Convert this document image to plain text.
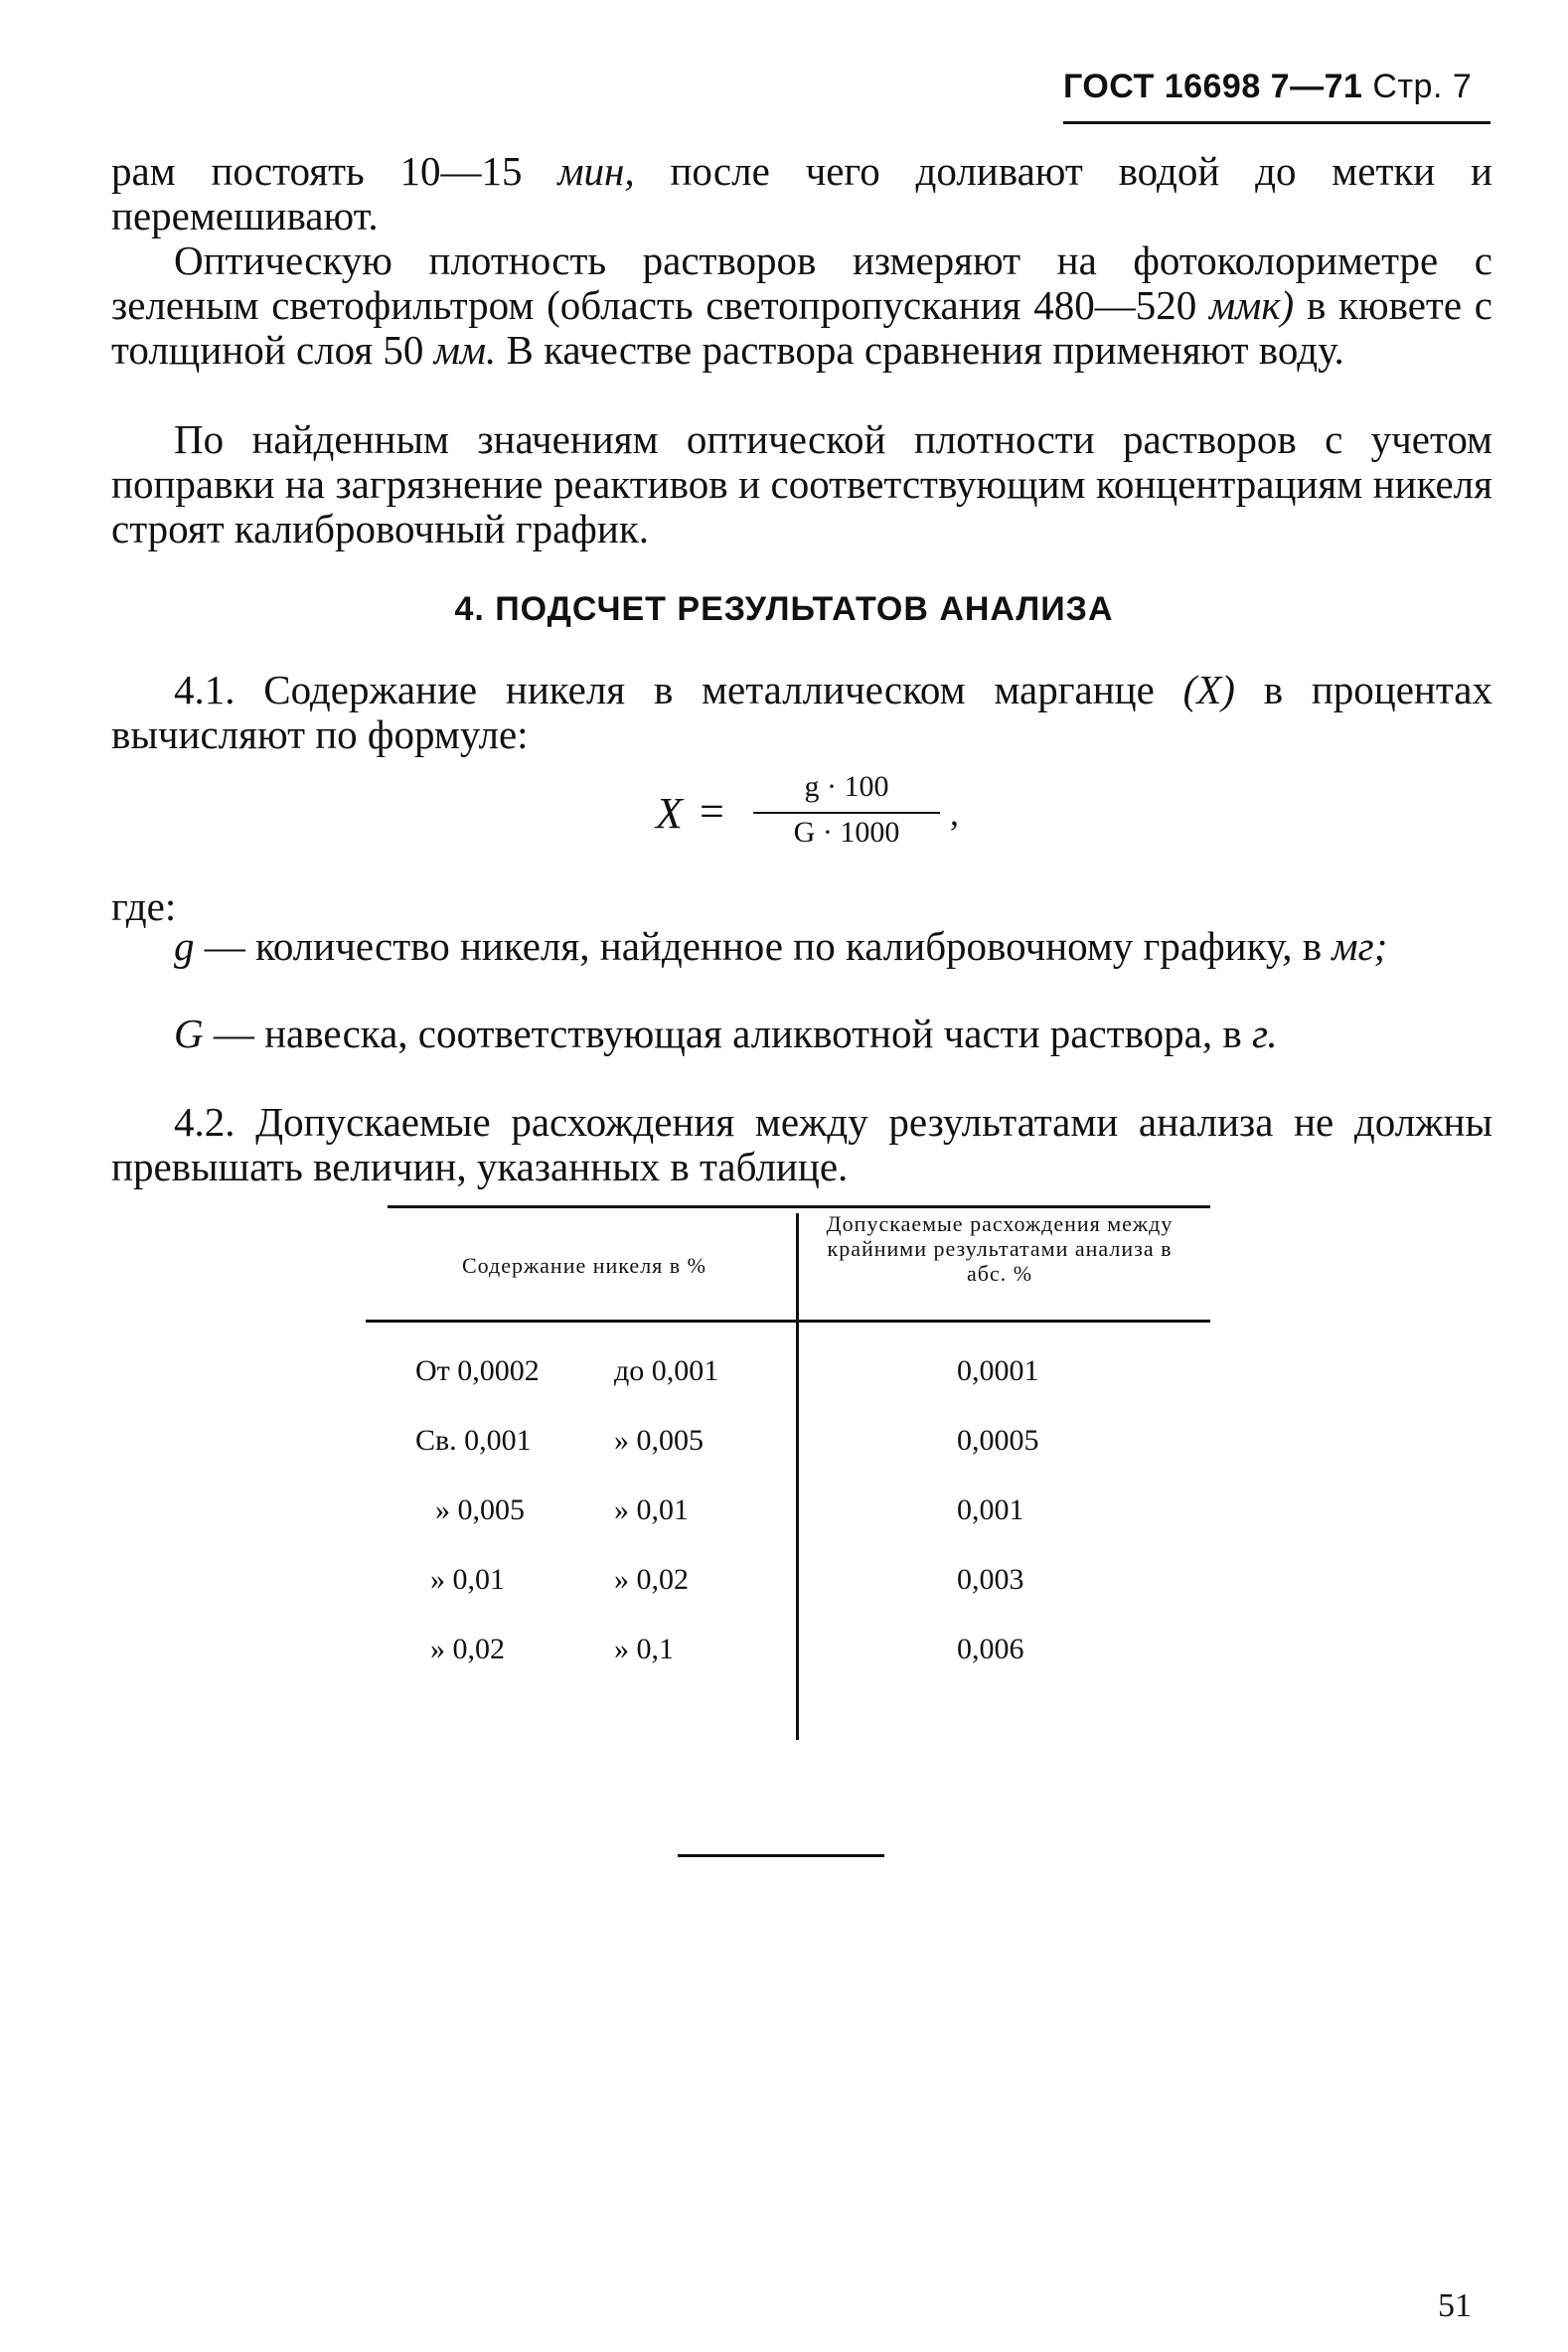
ГОСТ 16698 7—71 Стр. 7

рам постоять 10—15 мин, после чего доливают водой до метки и перемешивают.

Оптическую плотность растворов измеряют на фотоколориметре с зеленым светофильтром (область светопропускания 480—520 ммк) в кювете с толщиной слоя 50 мм. В качестве раствора сравнения применяют воду.

По найденным значениям оптической плотности растворов с учетом поправки на загрязнение реактивов и соответствующим концентрациям никеля строят калибровочный график.

4. ПОДСЧЕТ РЕЗУЛЬТАТОВ АНАЛИЗА

4.1. Содержание никеля в металлическом марганце (X) в процентах вычисляют по формуле:

X =
g · 100
G · 1000	,
где:
g — количество никеля, найденное по калибровочному графику, в мг;
G — навеска, соответствующая аликвотной части раствора, в г.

4.2. Допускаемые расхождения между результатами анализа не должны превышать величин, указанных в таблице.

Содержание никеля в %
Допускаемые расхождения между крайними результатами анализа в абс. %
От 0,0002	до 0,001	0,0001
Св. 0,001	» 0,005	0,0005
» 0,005	» 0,01	0,001
» 0,01	» 0,02	0,003
» 0,02	» 0,1	0,006
51
